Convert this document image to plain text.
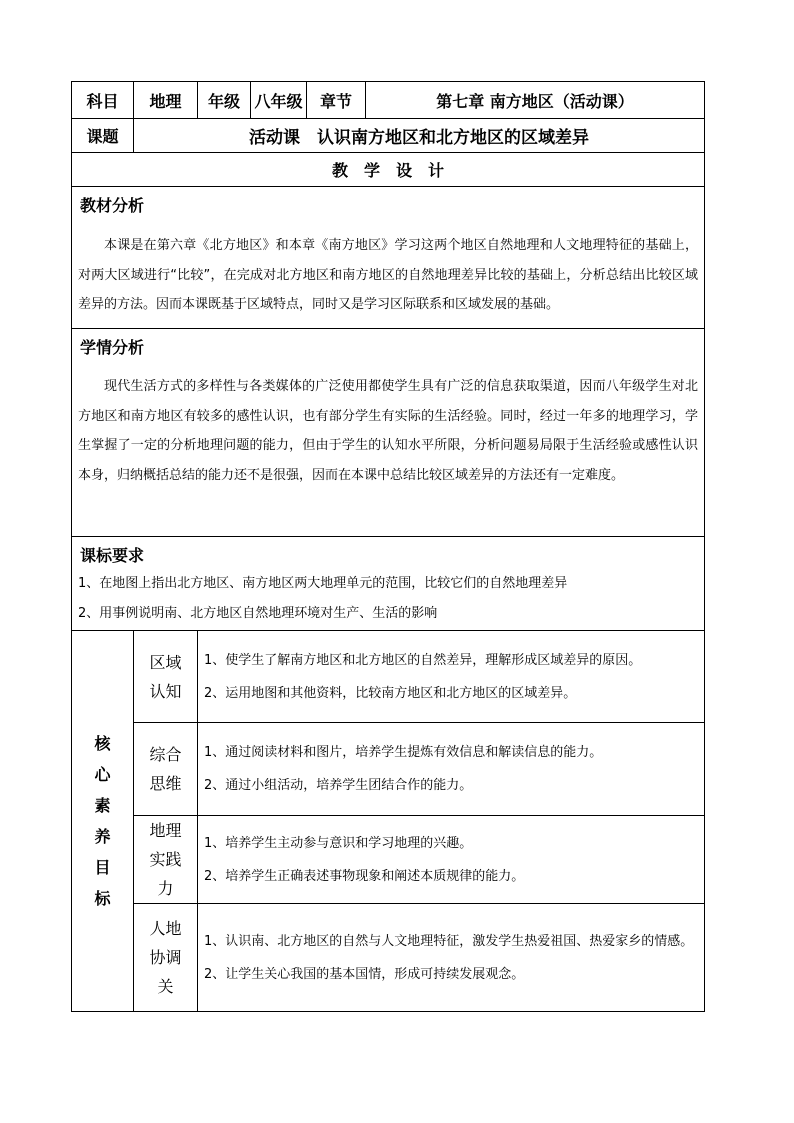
科目	地理	年级	八年级	章节	第七章 南方地区（活动课）
课题	活动课　认识南方地区和北方地区的区域差异				
教　学　设　计					

教材分析

本课是在第六章《北方地区》和本章《南方地区》学习这两个地区自然地理和人文地理特征的基础上，对两大区域进行“比较”，在完成对北方地区和南方地区的自然地理差异比较的基础上，分析总结出比较区域差异的方法。因而本课既基于区域特点，同时又是学习区际联系和区域发展的基础。					

学情分析

现代生活方式的多样性与各类媒体的广泛使用都使学生具有广泛的信息获取渠道，因而八年级学生对北方地区和南方地区有较多的感性认识，也有部分学生有实际的生活经验。同时，经过一年多的地理学习，学生掌握了一定的分析地理问题的能力，但由于学生的认知水平所限，分析问题易局限于生活经验或感性认识本身，归纳概括总结的能力还不是很强，因而在本课中总结比较区域差异的方法还有一定难度。					

课标要求
1、在地图上指出北方地区、南方地区两大地理单元的范围，比较它们的自然地理差异
2、用事例说明南、北方地区自然地理环境对生产、生活的影响					

核心素养目标	区域认知	1、使学生了解南方地区和北方地区的自然差异，理解形成区域差异的原因。
2、运用地图和其他资料，比较南方地区和北方地区的区域差异。			

	综合思维	1、通过阅读材料和图片，培养学生提炼有效信息和解读信息的能力。
2、通过小组活动，培养学生团结合作的能力。			

	地理实践力	1、培养学生主动参与意识和学习地理的兴趣。
2、培养学生正确表述事物现象和阐述本质规律的能力。			

	人地协调关	1、认识南、北方地区的自然与人文地理特征，激发学生热爱祖国、热爱家乡的情感。
2、让学生关心我国的基本国情，形成可持续发展观念。			
